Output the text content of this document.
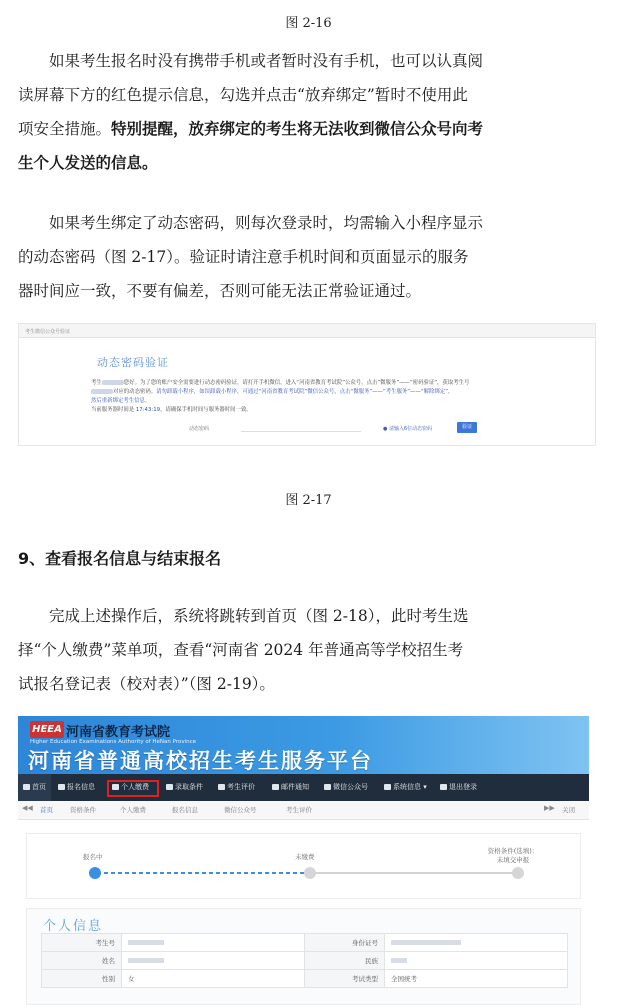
图 2-16
如果考生报名时没有携带手机或者暂时没有手机，也可以认真阅
读屏幕下方的红色提示信息，勾选并点击“放弃绑定”暂时不使用此
项安全措施。特别提醒，放弃绑定的考生将无法收到微信公众号向考
生个人发送的信息。
如果考生绑定了动态密码，则每次登录时，均需输入小程序显示
的动态密码（图 2-17）。验证时请注意手机时间和页面显示的服务
器时间应一致，不要有偏差，否则可能无法正常验证通过。
考生微信公众号验证
动态密码验证
考生	您好。为了您的账户安全需要进行动态密码验证。请打开手机微信，进入“河南省教育考试院”公众号，点击“微服务”——“密码验证”，获取考生号
对应的动态密码。请勿卸载小程序，如误卸载小程序，可通过“河南省教育考试院”微信公众号，点击“微服务”——“考生服务”——“解除绑定”，
然后重新绑定考生信息。
当前服务器时间是 17:43:19，请确保手机时间与服务器时间一致。
动态密码	● 请输入6位动态密码	验证
图 2-17
9、查看报名信息与结束报名
完成上述操作后，系统将跳转到首页（图 2-18），此时考生选
择“个人缴费”菜单项，查看“河南省 2024 年普通高等学校招生考
试报名登记表（校对表）”（图 2-19）。
HEEA 河南省教育考试院
Higher Education Examinations Authority of HeNan Province
河南省普通高校招生考生服务平台
首页	报名信息	个人缴费	录取条件	考生评价	邮件通知	微信公众号	系统信息 ▾	退出登录
◀◀ 首页	资格条件	个人缴费	报名信息	微信公众号	考生评价	▶▶ 关闭
报名中	未缴费
资格条件(选填)：
未填交申报
个人信息
考生号		身份证号	
姓名		民族	
性别	女	考试类型	全国统考
